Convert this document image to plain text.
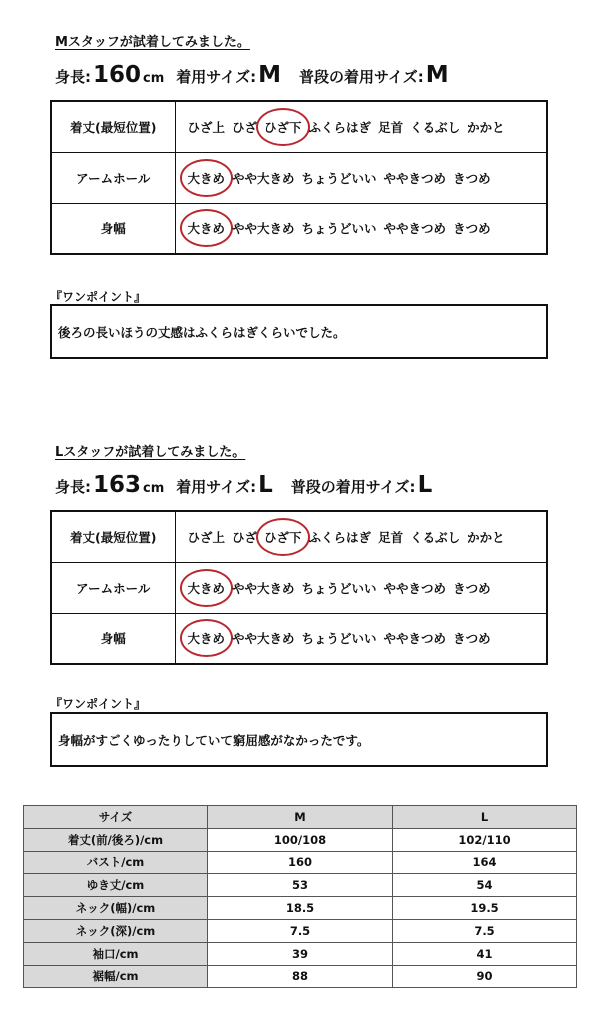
Mスタッフが試着してみました。
身長: 160 cm 着用サイズ: M 普段の着用サイズ: M
着丈(最短位置)	ひざ上 ひざ ひざ下 ふくらはぎ 足首 くるぶし かかと
アームホール	大きめ やや大きめ ちょうどいい ややきつめ きつめ
身幅	大きめ やや大きめ ちょうどいい ややきつめ きつめ
『ワンポイント』
後ろの長いほうの丈感はふくらはぎくらいでした。
Lスタッフが試着してみました。
身長: 163 cm 着用サイズ: L 普段の着用サイズ: L
着丈(最短位置)	ひざ上 ひざ ひざ下 ふくらはぎ 足首 くるぶし かかと
アームホール	大きめ やや大きめ ちょうどいい ややきつめ きつめ
身幅	大きめ やや大きめ ちょうどいい ややきつめ きつめ
『ワンポイント』
身幅がすごくゆったりしていて窮屈感がなかったです。
サイズ	M	L
着丈(前/後ろ)/cm	100/108	102/110
バスト/cm	160	164
ゆき丈/cm	53	54
ネック(幅)/cm	18.5	19.5
ネック(深)/cm	7.5	7.5
袖口/cm	39	41
裾幅/cm	88	90
